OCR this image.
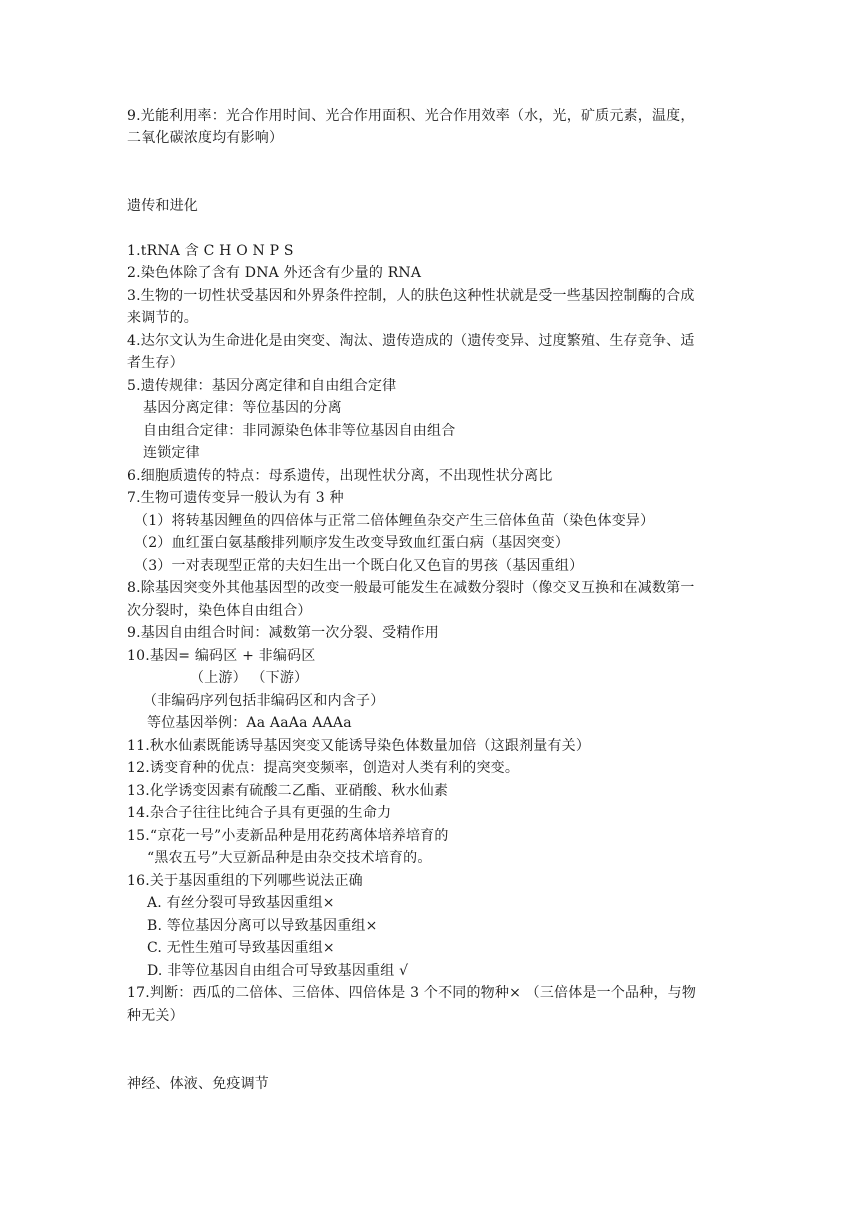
9.光能利用率：光合作用时间、光合作用面积、光合作用效率（水，光，矿质元素，温度，
二氧化碳浓度均有影响）
遗传和进化
1.tRNA 含 C H O N P S
2.染色体除了含有 DNA 外还含有少量的 RNA
3.生物的一切性状受基因和外界条件控制，人的肤色这种性状就是受一些基因控制酶的合成
来调节的。
4.达尔文认为生命进化是由突变、淘汰、遗传造成的（遗传变异、过度繁殖、生存竞争、适
者生存）
5.遗传规律：基因分离定律和自由组合定律
基因分离定律：等位基因的分离
自由组合定律：非同源染色体非等位基因自由组合
连锁定律
6.细胞质遗传的特点：母系遗传，出现性状分离，不出现性状分离比
7.生物可遗传变异一般认为有 3 种
（1）将转基因鲤鱼的四倍体与正常二倍体鲤鱼杂交产生三倍体鱼苗（染色体变异）
（2）血红蛋白氨基酸排列顺序发生改变导致血红蛋白病（基因突变）
（3）一对表现型正常的夫妇生出一个既白化又色盲的男孩（基因重组）
8.除基因突变外其他基因型的改变一般最可能发生在减数分裂时（像交叉互换和在减数第一
次分裂时，染色体自由组合）
9.基因自由组合时间：减数第一次分裂、受精作用
10.基因= 编码区 + 非编码区
（上游） （下游）
（非编码序列包括非编码区和内含子）
等位基因举例：Aa AaAa AAAa
11.秋水仙素既能诱导基因突变又能诱导染色体数量加倍（这跟剂量有关）
12.诱变育种的优点：提高突变频率，创造对人类有利的突变。
13.化学诱变因素有硫酸二乙酯、亚硝酸、秋水仙素
14.杂合子往往比纯合子具有更强的生命力
15.“京花一号”小麦新品种是用花药离体培养培育的
“黑农五号”大豆新品种是由杂交技术培育的。
16.关于基因重组的下列哪些说法正确
A. 有丝分裂可导致基因重组×
B. 等位基因分离可以导致基因重组×
C. 无性生殖可导致基因重组×
D. 非等位基因自由组合可导致基因重组 √
17.判断：西瓜的二倍体、三倍体、四倍体是 3 个不同的物种× （三倍体是一个品种，与物
种无关）
神经、体液、免疫调节
